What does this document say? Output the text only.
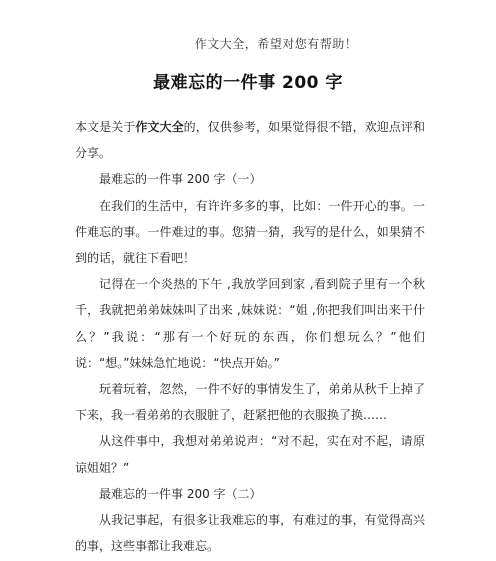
作文大全，希望对您有帮助！
最难忘的一件事 200 字

本文是关于作文大全的，仅供参考，如果觉得很不错，欢迎点评和分享。

最难忘的一件事 200 字（一）

在我们的生活中，有许许多多的事，比如：一件开心的事。一件难忘的事。一件难过的事。您猜一猜，我写的是什么，如果猜不到的话，就往下看吧！

记得在一个炎热的下午 ,我放学回到家 ,看到院子里有一个秋千，我就把弟弟妹妹叫了出来 ,妹妹说：“姐 ,你把我们叫出来干什么？”我说：“那有一个好玩的东西，你们想玩么？”他们说：“想。”妹妹急忙地说：“快点开始。”

玩着玩着，忽然，一件不好的事情发生了，弟弟从秋千上掉了下来，我一看弟弟的衣服脏了，赶紧把他的衣服换了换……

从这件事中，我想对弟弟说声：“对不起，实在对不起，请原谅姐姐？”

最难忘的一件事 200 字（二）

从我记事起，有很多让我难忘的事，有难过的事，有觉得高兴的事，这些事都让我难忘。
